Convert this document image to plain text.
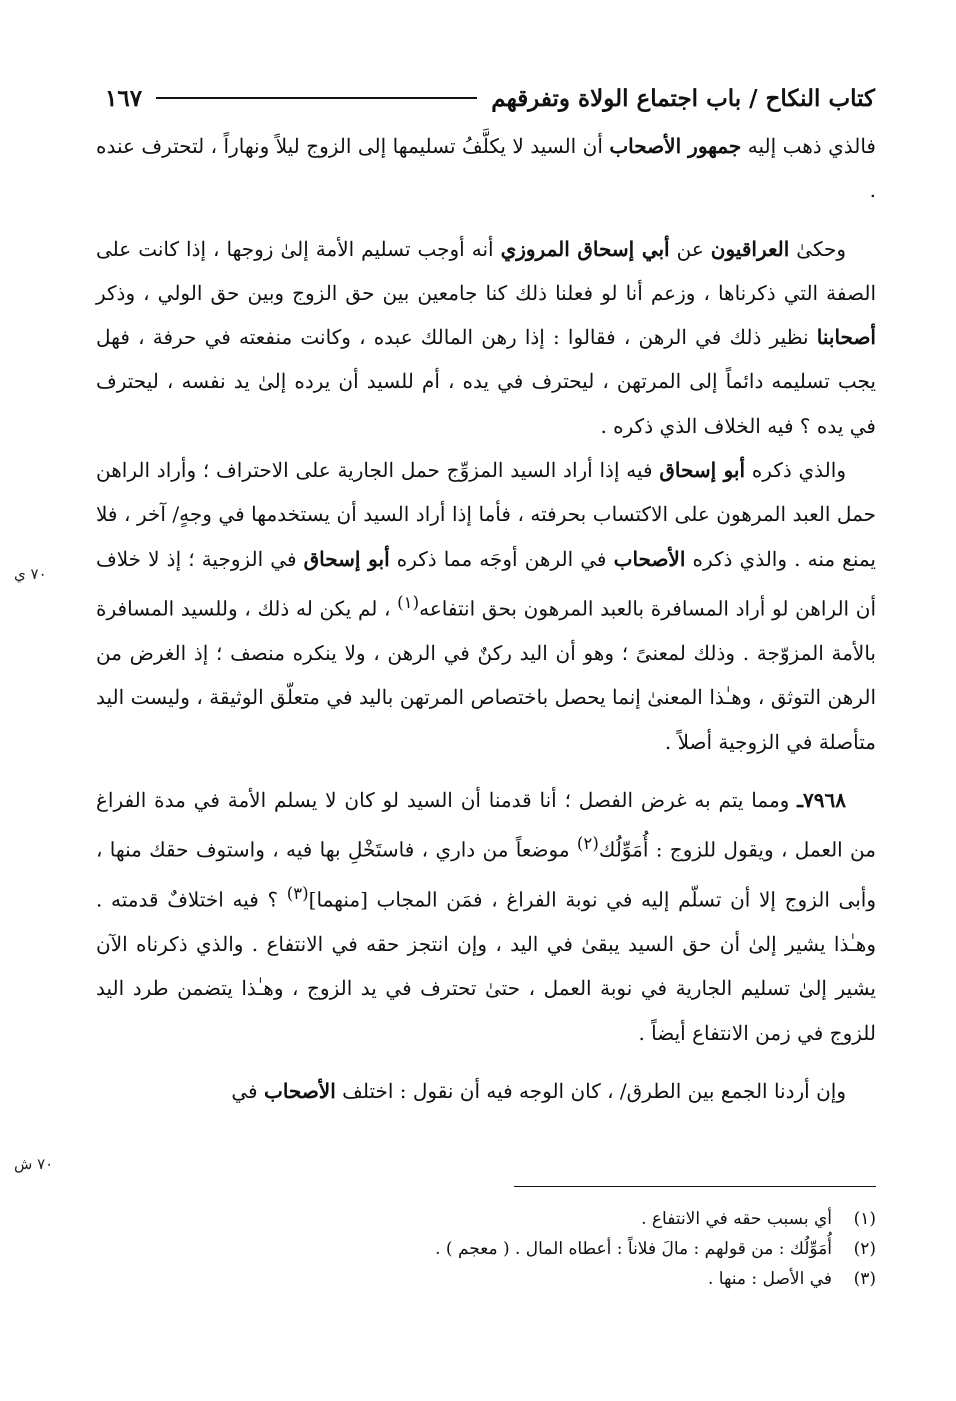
كتاب النكاح / باب اجتماع الولاة وتفرقهم
١٦٧

فالذي ذهب إليه جمهور الأصحاب أن السيد لا يكلَّفُ تسليمها إلى الزوج ليلاً ونهاراً ، لتحترف عنده .

وحكىٰ العراقيون عن أبي إسحاق المروزي أنه أوجب تسليم الأمة إلىٰ زوجها ، إذا كانت على الصفة التي ذكرناها ، وزعم أنا لو فعلنا ذلك كنا جامعين بين حق الزوج وبين حق الولي ، وذكر أصحابنا نظير ذلك في الرهن ، فقالوا : إذا رهن المالك عبده ، وكانت منفعته في حرفة ، فهل يجب تسليمه دائماً إلى المرتهن ، ليحترف في يده ، أم للسيد أن يرده إلىٰ يد نفسه ، ليحترف في يده ؟ فيه الخلاف الذي ذكره .

والذي ذكره أبو إسحاق فيه إذا أراد السيد المزوِّج حمل الجارية على الاحتراف ؛ وأراد الراهن حمل العبد المرهون على الاكتساب بحرفته ، فأما إذا أراد السيد أن يستخدمها في وجهٍ/ آخر ، فلا يمنع منه . والذي ذكره الأصحاب في الرهن أوجَه مما ذكره أبو إسحاق في الزوجية ؛ إذ لا خلاف أن الراهن لو أراد المسافرة بالعبد المرهون بحق انتفاعه$^{(١)}$ ، لم يكن له ذلك ، وللسيد المسافرة بالأمة المزوّجة . وذلك لمعنىً ؛ وهو أن اليد ركنٌ في الرهن ، ولا ينكره منصف ؛ إذ الغرض من الرهن التوثق ، وهـٰذا المعنىٰ إنما يحصل باختصاص المرتهن باليد في متعلّق الوثيقة ، وليست اليد متأصلة في الزوجية أصلاً .

٧٩٦٨ـ ومما يتم به غرض الفصل ؛ أنا قدمنا أن السيد لو كان لا يسلم الأمة في مدة الفراغ من العمل ، ويقول للزوج : أُمَوِّلُك$^{(٢)}$ موضعاً من داري ، فاستَخْلِ بها فيه ، واستوف حقك منها ، وأبى الزوج إلا أن تسلّم إليه في نوبة الفراغ ، فمَن المجاب [منهما]$^{(٣)}$ ؟ فيه اختلافٌ قدمته . وهـٰذا يشير إلىٰ أن حق السيد يبقىٰ في اليد ، وإن انتجز حقه في الانتفاع . والذي ذكرناه الآن يشير إلىٰ تسليم الجارية في نوبة العمل ، حتىٰ تحترف في يد الزوج ، وهـٰذا يتضمن طرد اليد للزوج في زمن الانتفاع أيضاً .

وإن أردنا الجمع بين الطرق/ ، كان الوجه فيه أن نقول : اختلف الأصحاب في

٧٠ ي
٧٠ ش
(١)
أي بسبب حقه في الانتفاع .
(٢)
أُمَوِّلُك : من قولهم : مالَ فلاناً : أعطاه المال . ( معجم ) .
(٣)
في الأصل : منها .
